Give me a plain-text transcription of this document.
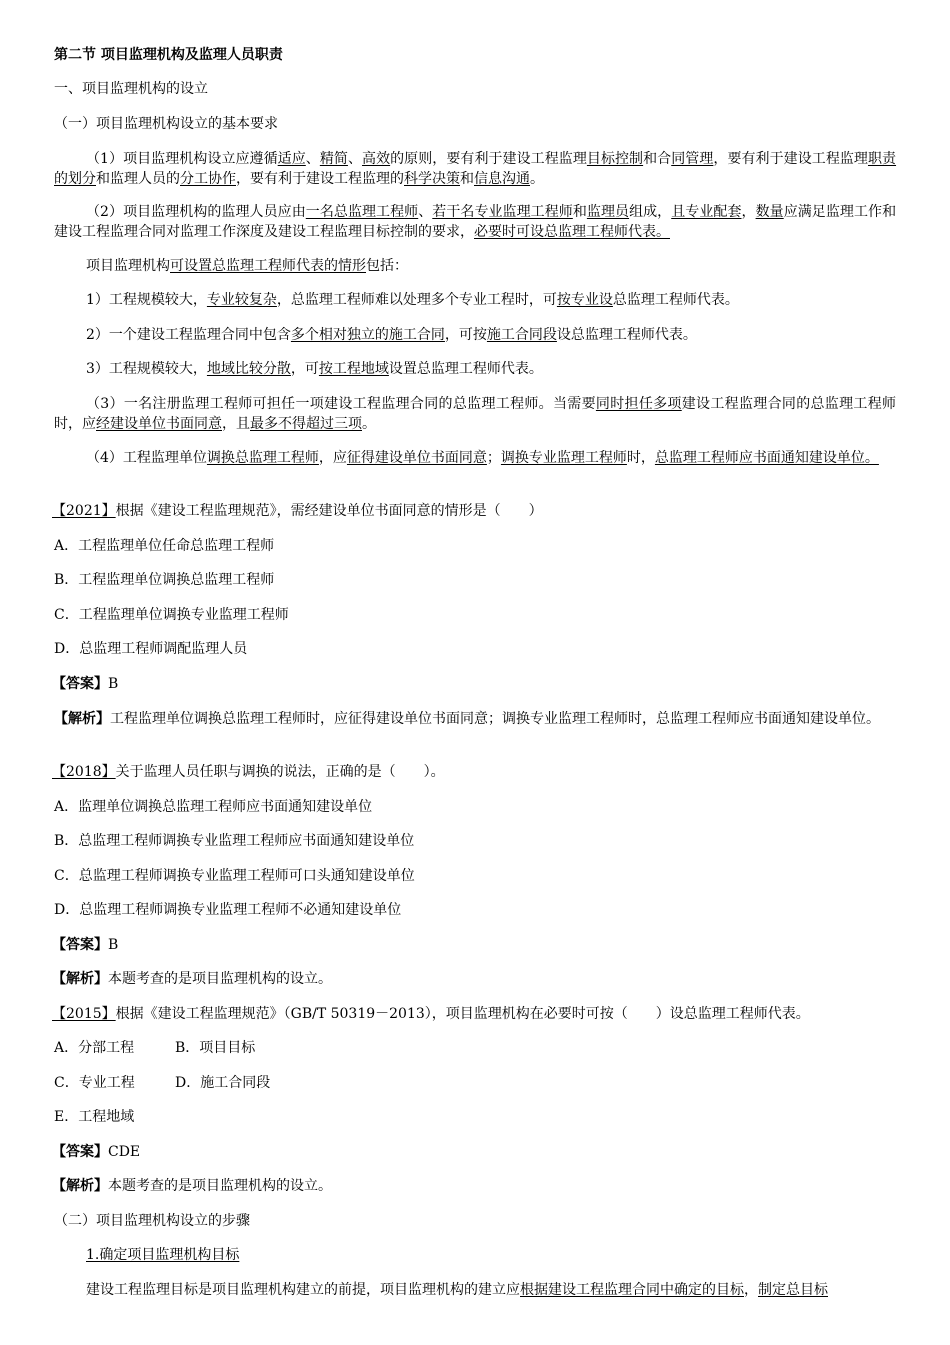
第二节 项目监理机构及监理人员职责
一、项目监理机构的设立
（一）项目监理机构设立的基本要求
（1）项目监理机构设立应遵循适应、精简、高效的原则，要有利于建设工程监理目标控制和合同管理，要有利于建设工程监理职责的划分和监理人员的分工协作，要有利于建设工程监理的科学决策和信息沟通。
（2）项目监理机构的监理人员应由一名总监理工程师、若干名专业监理工程师和监理员组成，且专业配套，数量应满足监理工作和建设工程监理合同对监理工作深度及建设工程监理目标控制的要求，必要时可设总监理工程师代表。
项目监理机构可设置总监理工程师代表的情形包括：
1）工程规模较大，专业较复杂，总监理工程师难以处理多个专业工程时，可按专业设总监理工程师代表。
2）一个建设工程监理合同中包含多个相对独立的施工合同，可按施工合同段设总监理工程师代表。
3）工程规模较大，地域比较分散，可按工程地域设置总监理工程师代表。
（3）一名注册监理工程师可担任一项建设工程监理合同的总监理工程师。当需要同时担任多项建设工程监理合同的总监理工程师时，应经建设单位书面同意，且最多不得超过三项。
（4）工程监理单位调换总监理工程师，应征得建设单位书面同意；调换专业监理工程师时，总监理工程师应书面通知建设单位。
【2021】根据《建设工程监理规范》，需经建设单位书面同意的情形是（　　）
A．工程监理单位任命总监理工程师
B．工程监理单位调换总监理工程师
C．工程监理单位调换专业监理工程师
D．总监理工程师调配监理人员
【答案】B
【解析】工程监理单位调换总监理工程师时，应征得建设单位书面同意；调换专业监理工程师时，总监理工程师应书面通知建设单位。
【2018】关于监理人员任职与调换的说法，正确的是（　　）。
A．监理单位调换总监理工程师应书面通知建设单位
B．总监理工程师调换专业监理工程师应书面通知建设单位
C．总监理工程师调换专业监理工程师可口头通知建设单位
D．总监理工程师调换专业监理工程师不必通知建设单位
【答案】B
【解析】本题考查的是项目监理机构的设立。
【2015】根据《建设工程监理规范》（GB/T 50319－2013），项目监理机构在必要时可按（　　）设总监理工程师代表。
A．分部工程	B．项目目标
C．专业工程	D．施工合同段
E．工程地域
【答案】CDE
【解析】本题考查的是项目监理机构的设立。
（二）项目监理机构设立的步骤
1.确定项目监理机构目标
建设工程监理目标是项目监理机构建立的前提，项目监理机构的建立应根据建设工程监理合同中确定的目标，制定总目标
